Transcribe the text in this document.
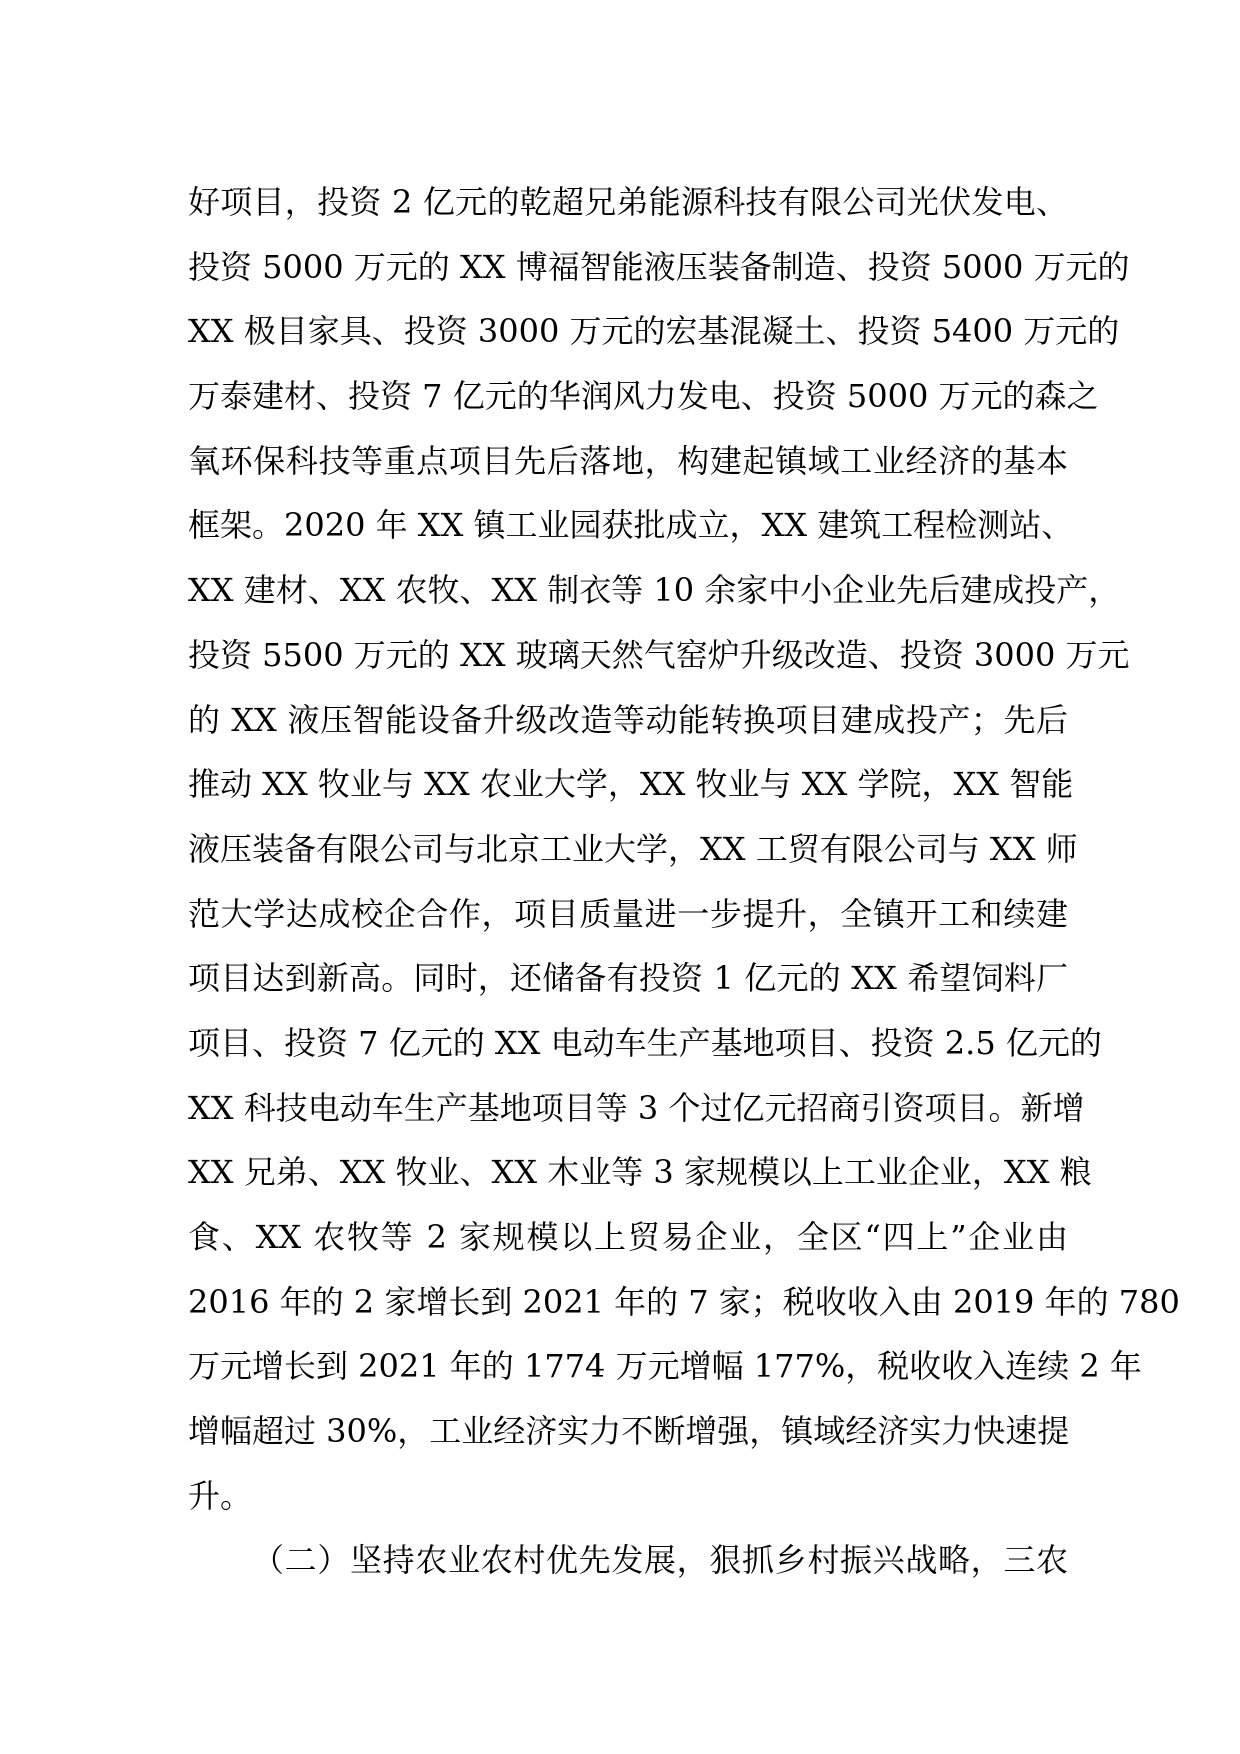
好项目，投资 2 亿元的乾超兄弟能源科技有限公司光伏发电、
投资 5000 万元的 XX 博福智能液压装备制造、投资 5000 万元的
XX 极目家具、投资 3000 万元的宏基混凝土、投资 5400 万元的
万泰建材、投资 7 亿元的华润风力发电、投资 5000 万元的森之
氧环保科技等重点项目先后落地，构建起镇域工业经济的基本
框架。2020 年 XX 镇工业园获批成立，XX 建筑工程检测站、
XX 建材、XX 农牧、XX 制衣等 10 余家中小企业先后建成投产，
投资 5500 万元的 XX 玻璃天然气窑炉升级改造、投资 3000 万元
的 XX 液压智能设备升级改造等动能转换项目建成投产；先后
推动 XX 牧业与 XX 农业大学，XX 牧业与 XX 学院，XX 智能
液压装备有限公司与北京工业大学，XX 工贸有限公司与 XX 师
范大学达成校企合作，项目质量进一步提升，全镇开工和续建
项目达到新高。同时，还储备有投资 1 亿元的 XX 希望饲料厂
项目、投资 7 亿元的 XX 电动车生产基地项目、投资 2.5 亿元的
XX 科技电动车生产基地项目等 3 个过亿元招商引资项目。新增
XX 兄弟、XX 牧业、XX 木业等 3 家规模以上工业企业，XX 粮
食、XX 农牧等 2 家规模以上贸易企业，全区“四上”企业由
2016 年的 2 家增长到 2021 年的 7 家；税收收入由 2019 年的 780
万元增长到 2021 年的 1774 万元增幅 177%，税收收入连续 2 年
增幅超过 30%，工业经济实力不断增强，镇域经济实力快速提
升。
（二）坚持农业农村优先发展，狠抓乡村振兴战略，三农
